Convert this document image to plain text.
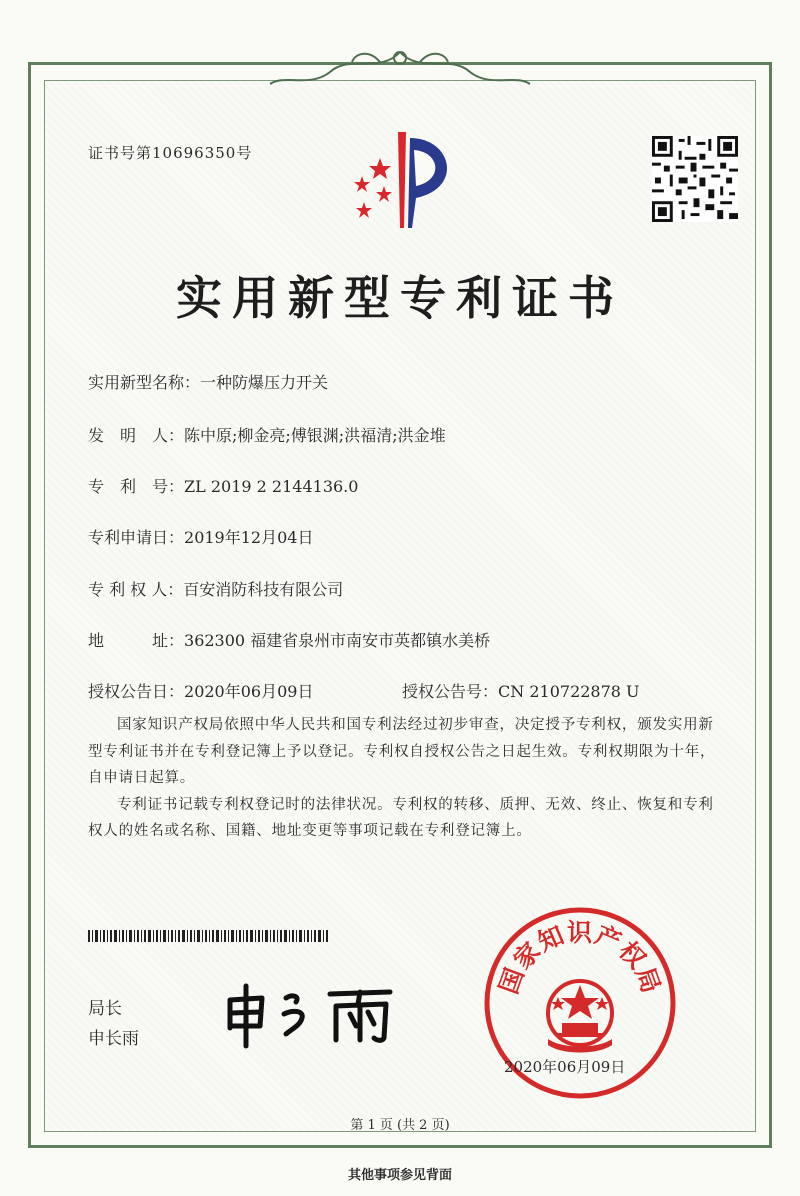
证书号第10696350号
实用新型专利证书
实用新型名称：一种防爆压力开关
发　明　人：陈中原;柳金亮;傅银渊;洪福清;洪金堆
专　利　号：ZL 2019 2 2144136.0
专利申请日：2019年12月04日
专 利 权 人：百安消防科技有限公司
地　　　址：362300 福建省泉州市南安市英都镇水美桥
授权公告日：2020年06月09日	授权公告号：CN 210722878 U

国家知识产权局依照中华人民共和国专利法经过初步审查，决定授予专利权，颁发实用新型专利证书并在专利登记簿上予以登记。专利权自授权公告之日起生效。专利权期限为十年，自申请日起算。

专利证书记载专利权登记时的法律状况。专利权的转移、质押、无效、终止、恢复和专利权人的姓名或名称、国籍、地址变更等事项记载在专利登记簿上。

局长
申长雨
国家知识产权局
2020年06月09日
第 1 页 (共 2 页)
其他事项参见背面
